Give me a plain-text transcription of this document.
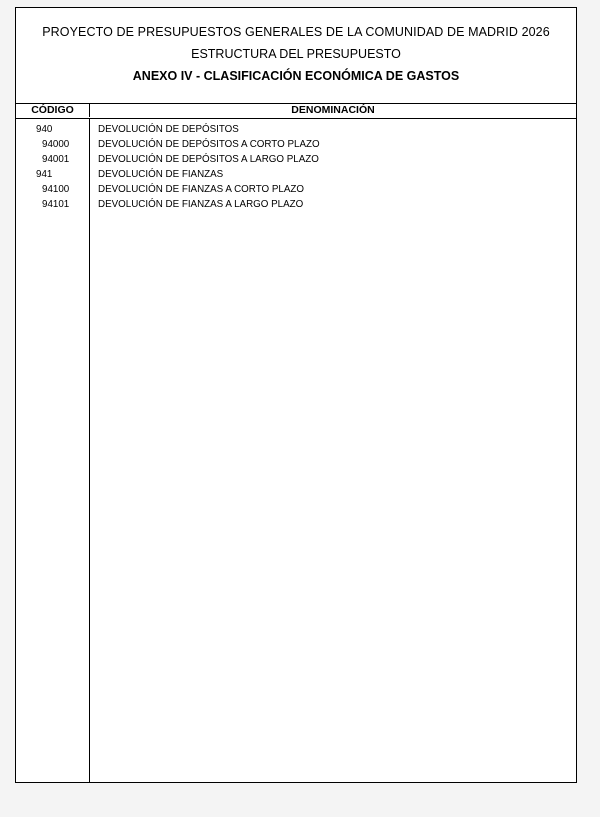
PROYECTO DE PRESUPUESTOS GENERALES DE LA COMUNIDAD DE MADRID 2026
ESTRUCTURA DEL PRESUPUESTO
ANEXO IV - CLASIFICACIÓN ECONÓMICA DE GASTOS
CÓDIGO	DENOMINACIÓN
940	DEVOLUCIÓN DE DEPÓSITOS
94000	DEVOLUCIÓN DE DEPÓSITOS A CORTO PLAZO
94001	DEVOLUCIÓN DE DEPÓSITOS A LARGO PLAZO
941	DEVOLUCIÓN DE FIANZAS
94100	DEVOLUCIÓN DE FIANZAS A CORTO PLAZO
94101	DEVOLUCIÓN DE FIANZAS A LARGO PLAZO
